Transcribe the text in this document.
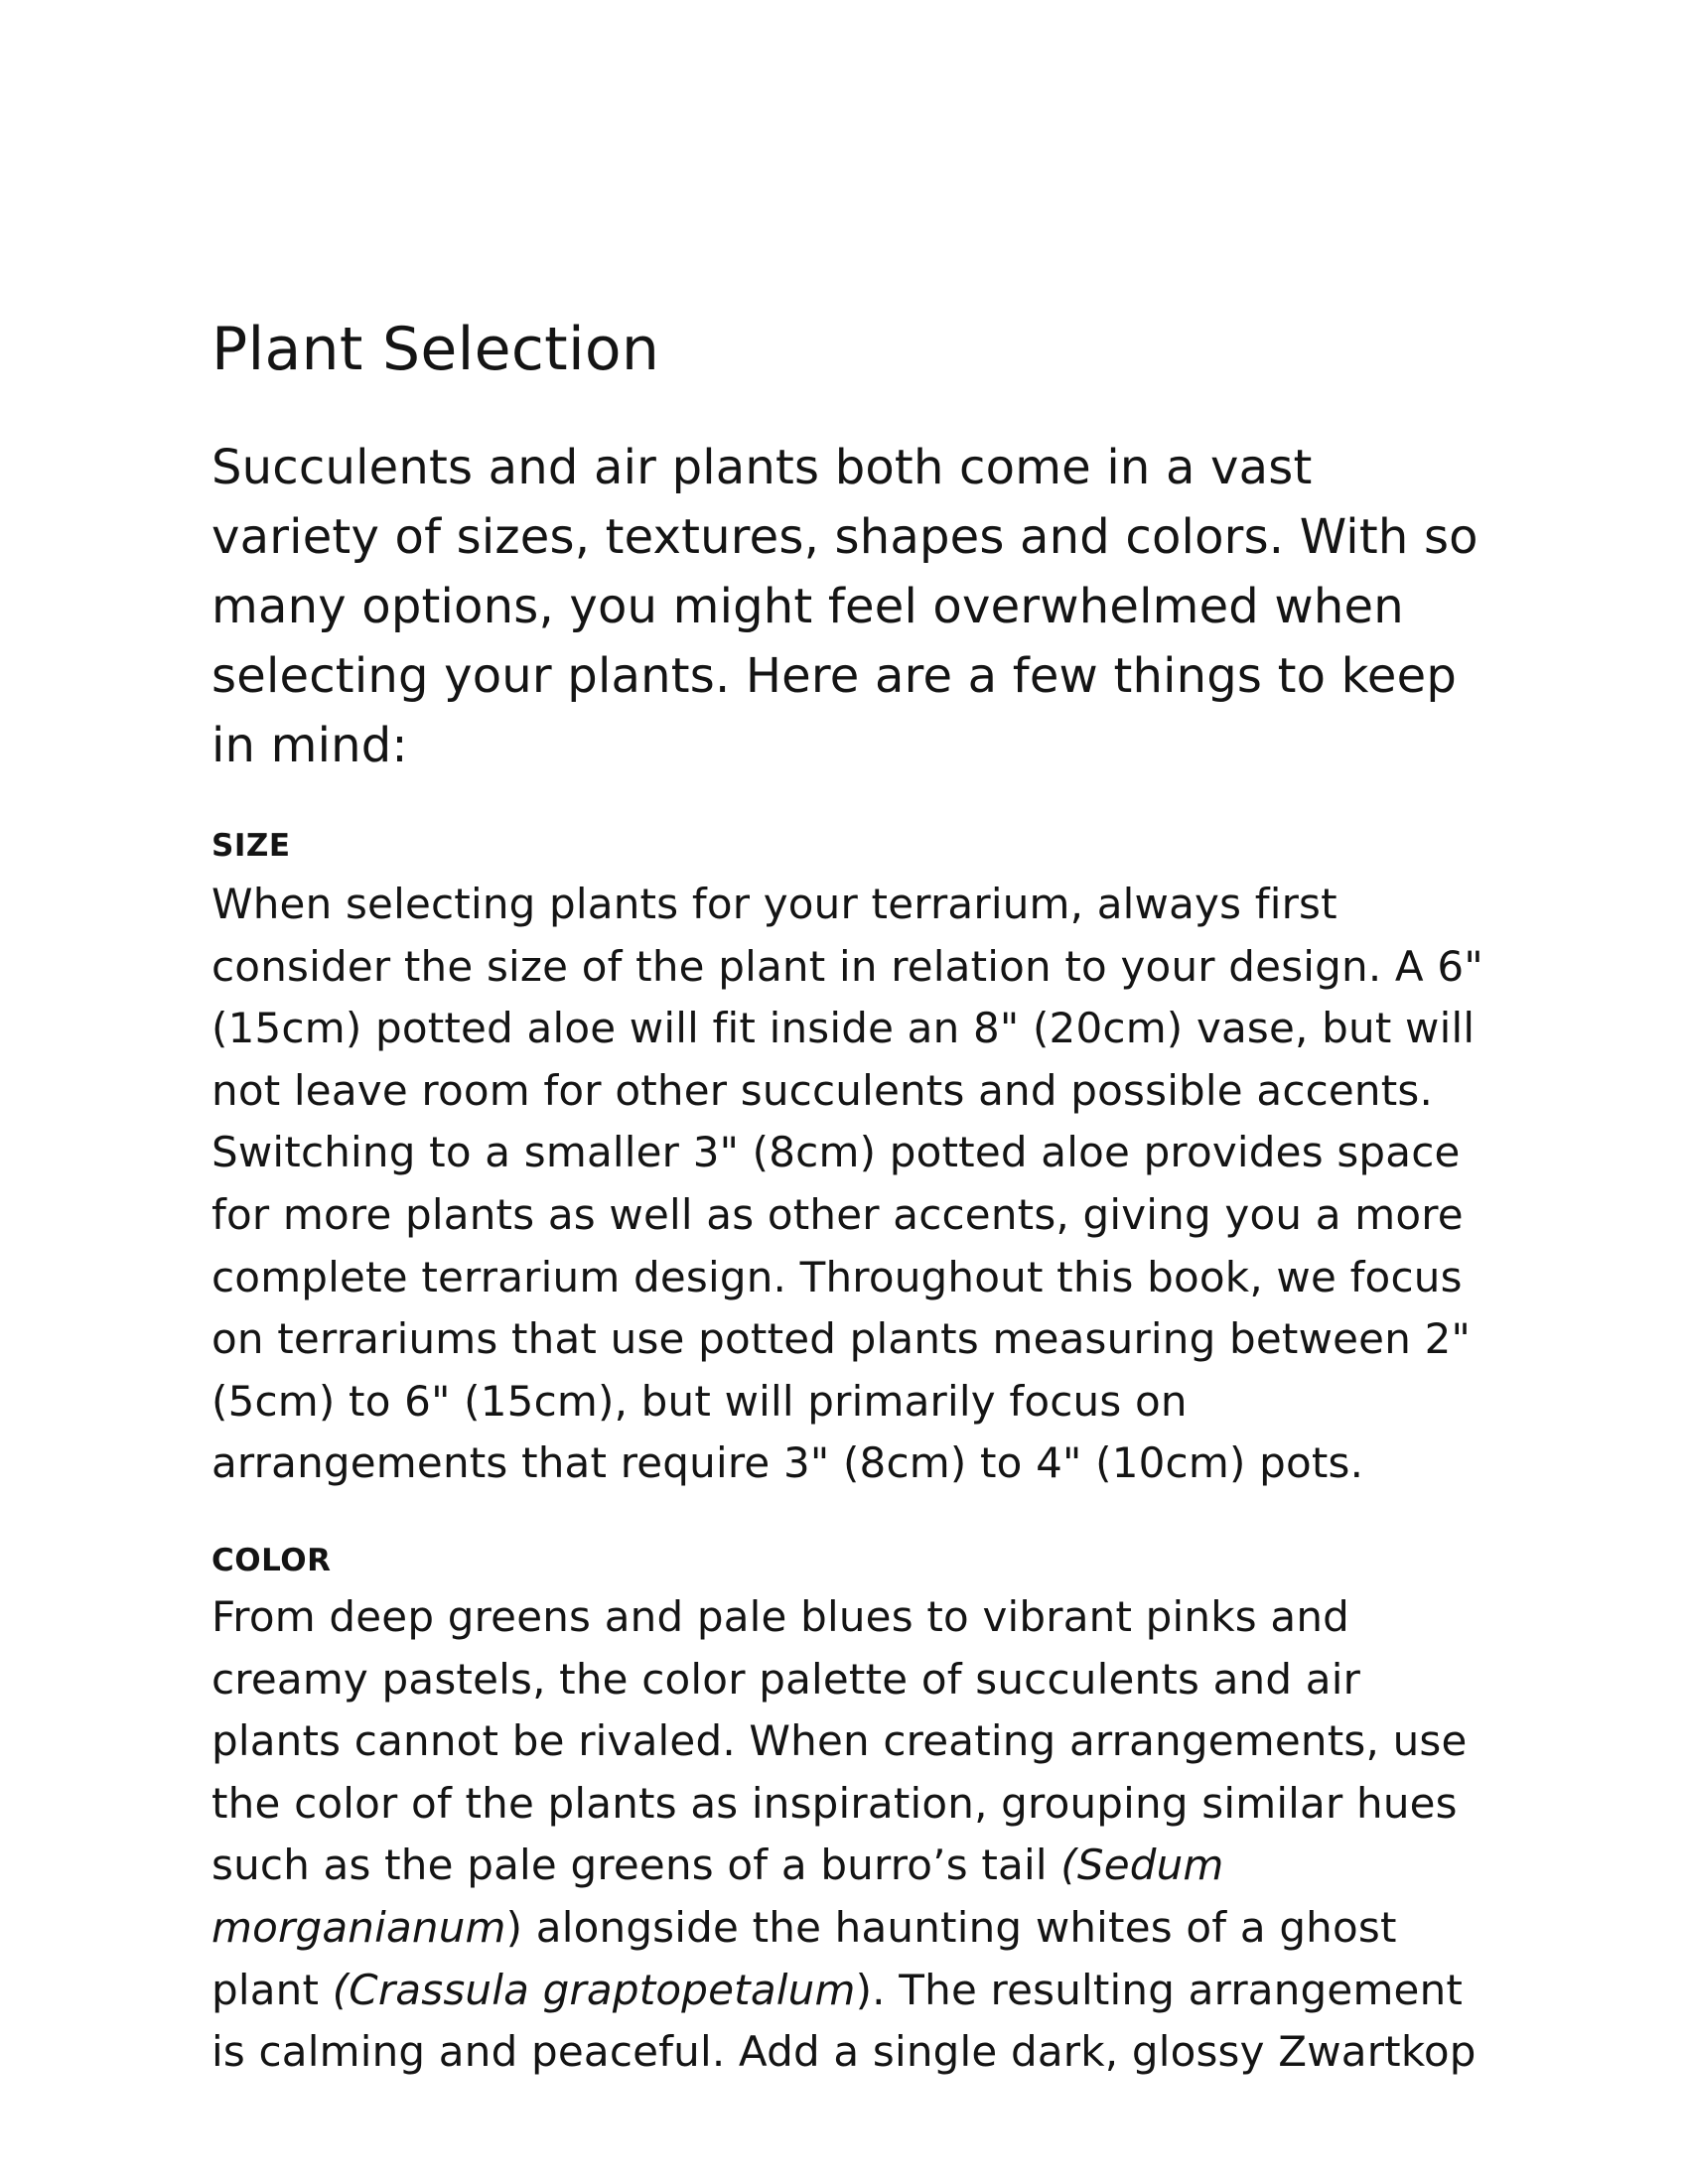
Plant Selection

Succulents and air plants both come in a vast variety of sizes, textures, shapes and colors. With so many options, you might feel overwhelmed when selecting your plants. Here are a few things to keep in mind:

SIZE

When selecting plants for your terrarium, always first consider the size of the plant in relation to your design. A 6" (15cm) potted aloe will fit inside an 8" (20cm) vase, but will not leave room for other succulents and possible accents. Switching to a smaller 3" (8cm) potted aloe provides space for more plants as well as other accents, giving you a more complete terrarium design. Throughout this book, we focus on terrariums that use potted plants measuring between 2" (5cm) to 6" (15cm), but will primarily focus on arrangements that require 3" (8cm) to 4" (10cm) pots.

COLOR

From deep greens and pale blues to vibrant pinks and creamy pastels, the color palette of succulents and air plants cannot be rivaled. When creating arrangements, use the color of the plants as inspiration, grouping similar hues such as the pale greens of a burro’s tail (Sedum morganianum) alongside the haunting whites of a ghost plant (Crassula graptopetalum). The resulting arrangement is calming and peaceful. Add a single dark, glossy Zwartkop
